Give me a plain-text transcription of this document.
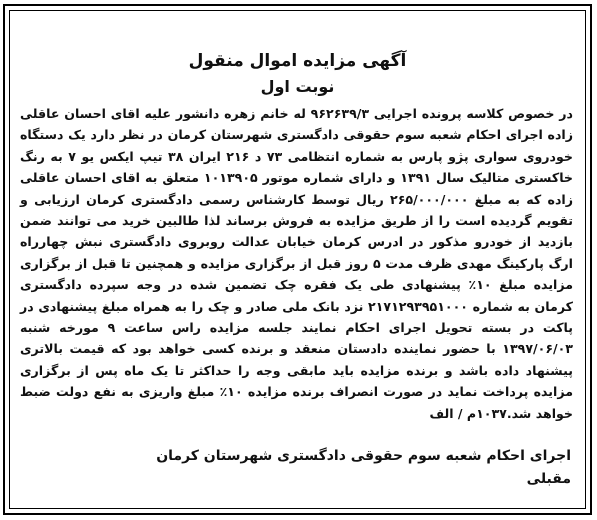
آگهی مزایده اموال منقول
نوبت اول
در خصوص کلاسه پرونده اجرایی ۹۶۲۶۳۹/۳ له خانم زهره دانشور علیه اقای احسان عاقلی زاده اجرای احکام شعبه سوم حقوقی دادگستری شهرستان کرمان در نظر دارد یک دستگاه خودروی سواری پژو پارس به شماره انتظامی ۷۳ د ۲۱۶ ایران ۳۸ تیپ ایکس یو ۷ به رنگ خاکستری متالیک سال ۱۳۹۱ و دارای شماره موتور ۱۰۱۳۹۰۵ متعلق به اقای احسان عاقلی زاده که به مبلغ ۲۶۵/۰۰۰/۰۰۰ ریال توسط کارشناس رسمی دادگستری کرمان ارزیابی و تقویم گردیده است را از طریق مزایده به فروش برساند لذا طالبین خرید می توانند ضمن بازدید از خودرو مذکور در ادرس کرمان خیابان عدالت روبروی دادگستری نبش چهارراه ارگ پارکینگ مهدی ظرف مدت ۵ روز قبل از برگزاری مزایده و همچنین تا قبل از برگزاری مزایده مبلغ ۱۰٪ پیشنهادی طی یک فقره چک تضمین شده در وجه سپرده دادگستری کرمان به شماره ۲۱۷۱۲۹۳۹۵۱۰۰۰ نزد بانک ملی صادر و چک را به همراه مبلغ پیشنهادی در پاکت در بسته تحویل اجرای احکام نمایند جلسه مزایده راس ساعت ۹ مورخه شنبه ۱۳۹۷/۰۶/۰۳ با حضور نماینده دادستان منعقد و برنده کسی خواهد بود که قیمت بالاتری پیشنهاد داده باشد و برنده مزایده باید مابقی وجه را حداکثر تا یک ماه پس از برگزاری مزایده پرداخت نماید در صورت انصراف برنده مزایده ۱۰٪ مبلغ واریزی به نفع دولت ضبط خواهد شد.۱۰۳۷م / الف
اجرای احکام شعبه سوم حقوقی دادگستری شهرستان کرمان
مقبلی
